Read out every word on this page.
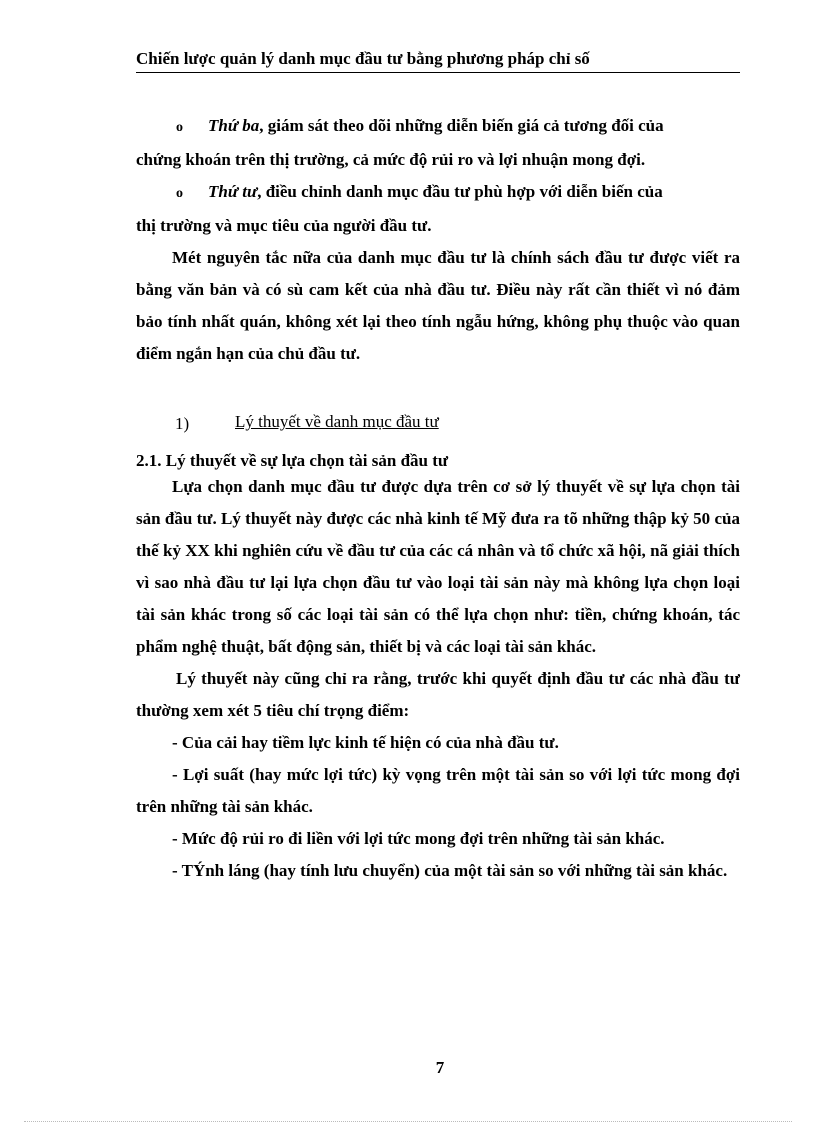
Chiến lược quản lý danh mục đầu tư bằng phương pháp chỉ số

o Thứ ba, giám sát theo dõi những diễn biến giá cả tương đối của

chứng khoán trên thị trường, cả mức độ rủi ro và lợi nhuận mong đợi.

o Thứ tư, điều chỉnh danh mục đầu tư phù hợp với diễn biến của

thị trường và mục tiêu của người đầu tư.

Mét nguyên tắc nữa của danh mục đầu tư là chính sách đầu tư được viết ra bằng văn bản và có sù cam kết của nhà đầu tư. Điều này rất cần thiết vì nó đảm bảo tính nhất quán, không xét lại theo tính ngẫu hứng, không phụ thuộc vào quan điểm ngắn hạn của chủ đầu tư.

1)	Lý thuyết về danh mục đầu tư
2.1. Lý thuyết về sự lựa chọn tài sản đầu tư

Lựa chọn danh mục đầu tư được dựa trên cơ sở lý thuyết về sự lựa chọn tài sản đầu tư. Lý thuyết này được các nhà kinh tế Mỹ đưa ra tõ những thập kỷ 50 của thế kỷ XX khi nghiên cứu về đầu tư của các cá nhân và tổ chức xã hội, nã giải thích vì sao nhà đầu tư lại lựa chọn đầu tư vào loại tài sản này mà không lựa chọn loại tài sản khác trong số các loại tài sản có thể lựa chọn như: tiền, chứng khoán, tác phẩm nghệ thuật, bất động sản, thiết bị và các loại tài sản khác.

Lý thuyết này cũng chỉ ra rằng, trước khi quyết định đầu tư các nhà đầu tư thường xem xét 5 tiêu chí trọng điểm:

- Của cải hay tiềm lực kinh tế hiện có của nhà đầu tư.

- Lợi suất (hay mức lợi tức) kỳ vọng trên một tài sản so với lợi tức mong đợi trên những tài sản khác.

- Mức độ rủi ro đi liền với lợi tức mong đợi trên những tài sản khác.

- TÝnh láng (hay tính lưu chuyển) của một tài sản so với những tài sản khác.

7
